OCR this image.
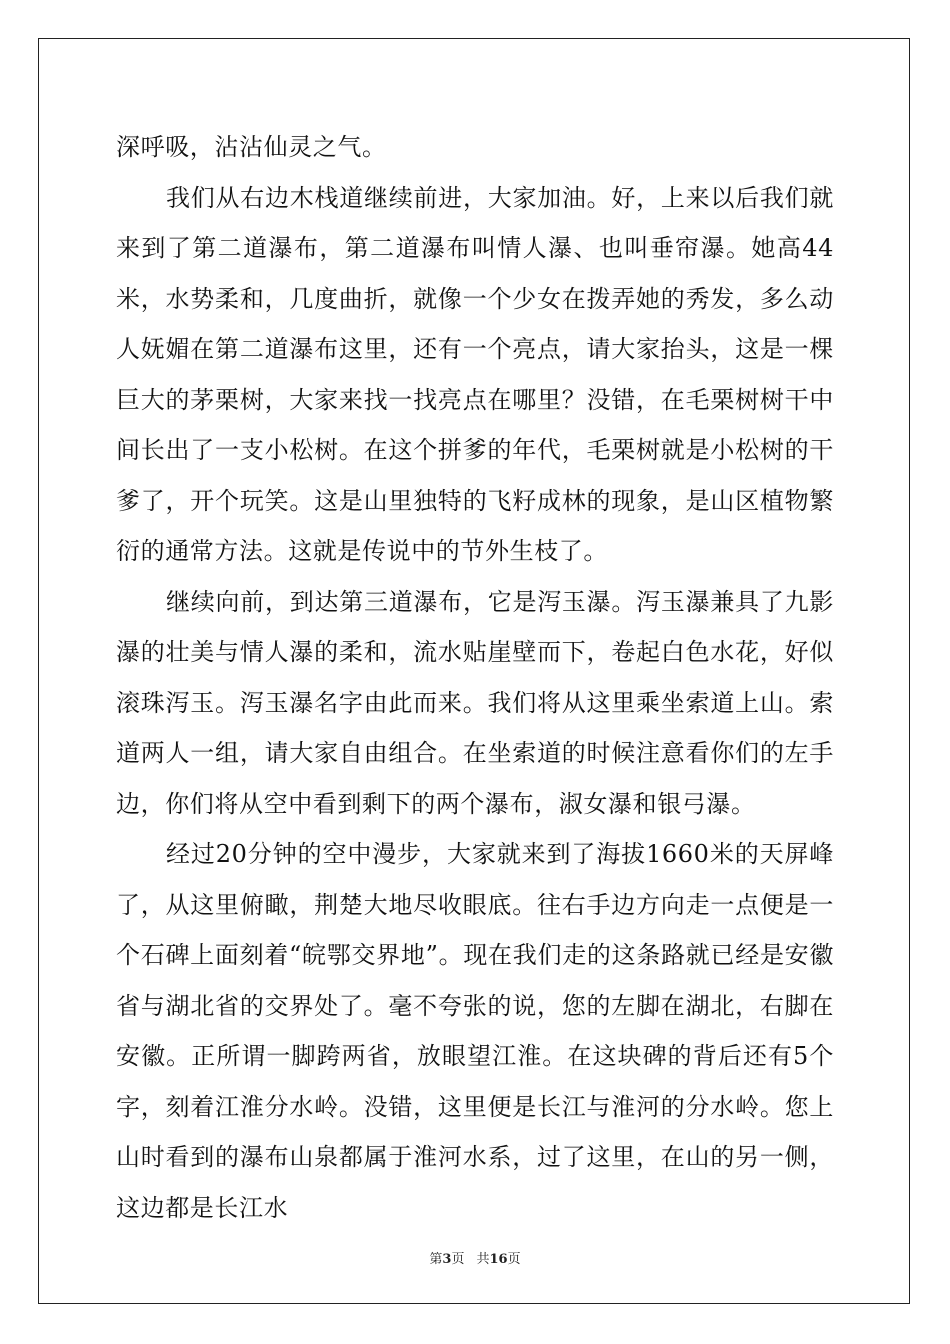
深呼吸，沾沾仙灵之气。

我们从右边木栈道继续前进，大家加油。好，上来以后我们就来到了第二道瀑布，第二道瀑布叫情人瀑、也叫垂帘瀑。她高44米，水势柔和，几度曲折，就像一个少女在拨弄她的秀发，多么动人妩媚在第二道瀑布这里，还有一个亮点，请大家抬头，这是一棵巨大的茅栗树，大家来找一找亮点在哪里？没错，在毛栗树树干中间长出了一支小松树。在这个拼爹的年代，毛栗树就是小松树的干爹了，开个玩笑。这是山里独特的飞籽成林的现象，是山区植物繁衍的通常方法。这就是传说中的节外生枝了。

继续向前，到达第三道瀑布，它是泻玉瀑。泻玉瀑兼具了九影瀑的壮美与情人瀑的柔和，流水贴崖壁而下，卷起白色水花，好似滚珠泻玉。泻玉瀑名字由此而来。我们将从这里乘坐索道上山。索道两人一组，请大家自由组合。在坐索道的时候注意看你们的左手边，你们将从空中看到剩下的两个瀑布，淑女瀑和银弓瀑。

经过20分钟的空中漫步，大家就来到了海拔1660米的天屏峰了，从这里俯瞰，荆楚大地尽收眼底。往右手边方向走一点便是一个石碑上面刻着“皖鄂交界地”。现在我们走的这条路就已经是安徽省与湖北省的交界处了。毫不夸张的说，您的左脚在湖北，右脚在安徽。正所谓一脚跨两省，放眼望江淮。在这块碑的背后还有5个字，刻着江淮分水岭。没错，这里便是长江与淮河的分水岭。您上山时看到的瀑布山泉都属于淮河水系，过了这里，在山的另一侧，这边都是长江水

第3页 共16页
